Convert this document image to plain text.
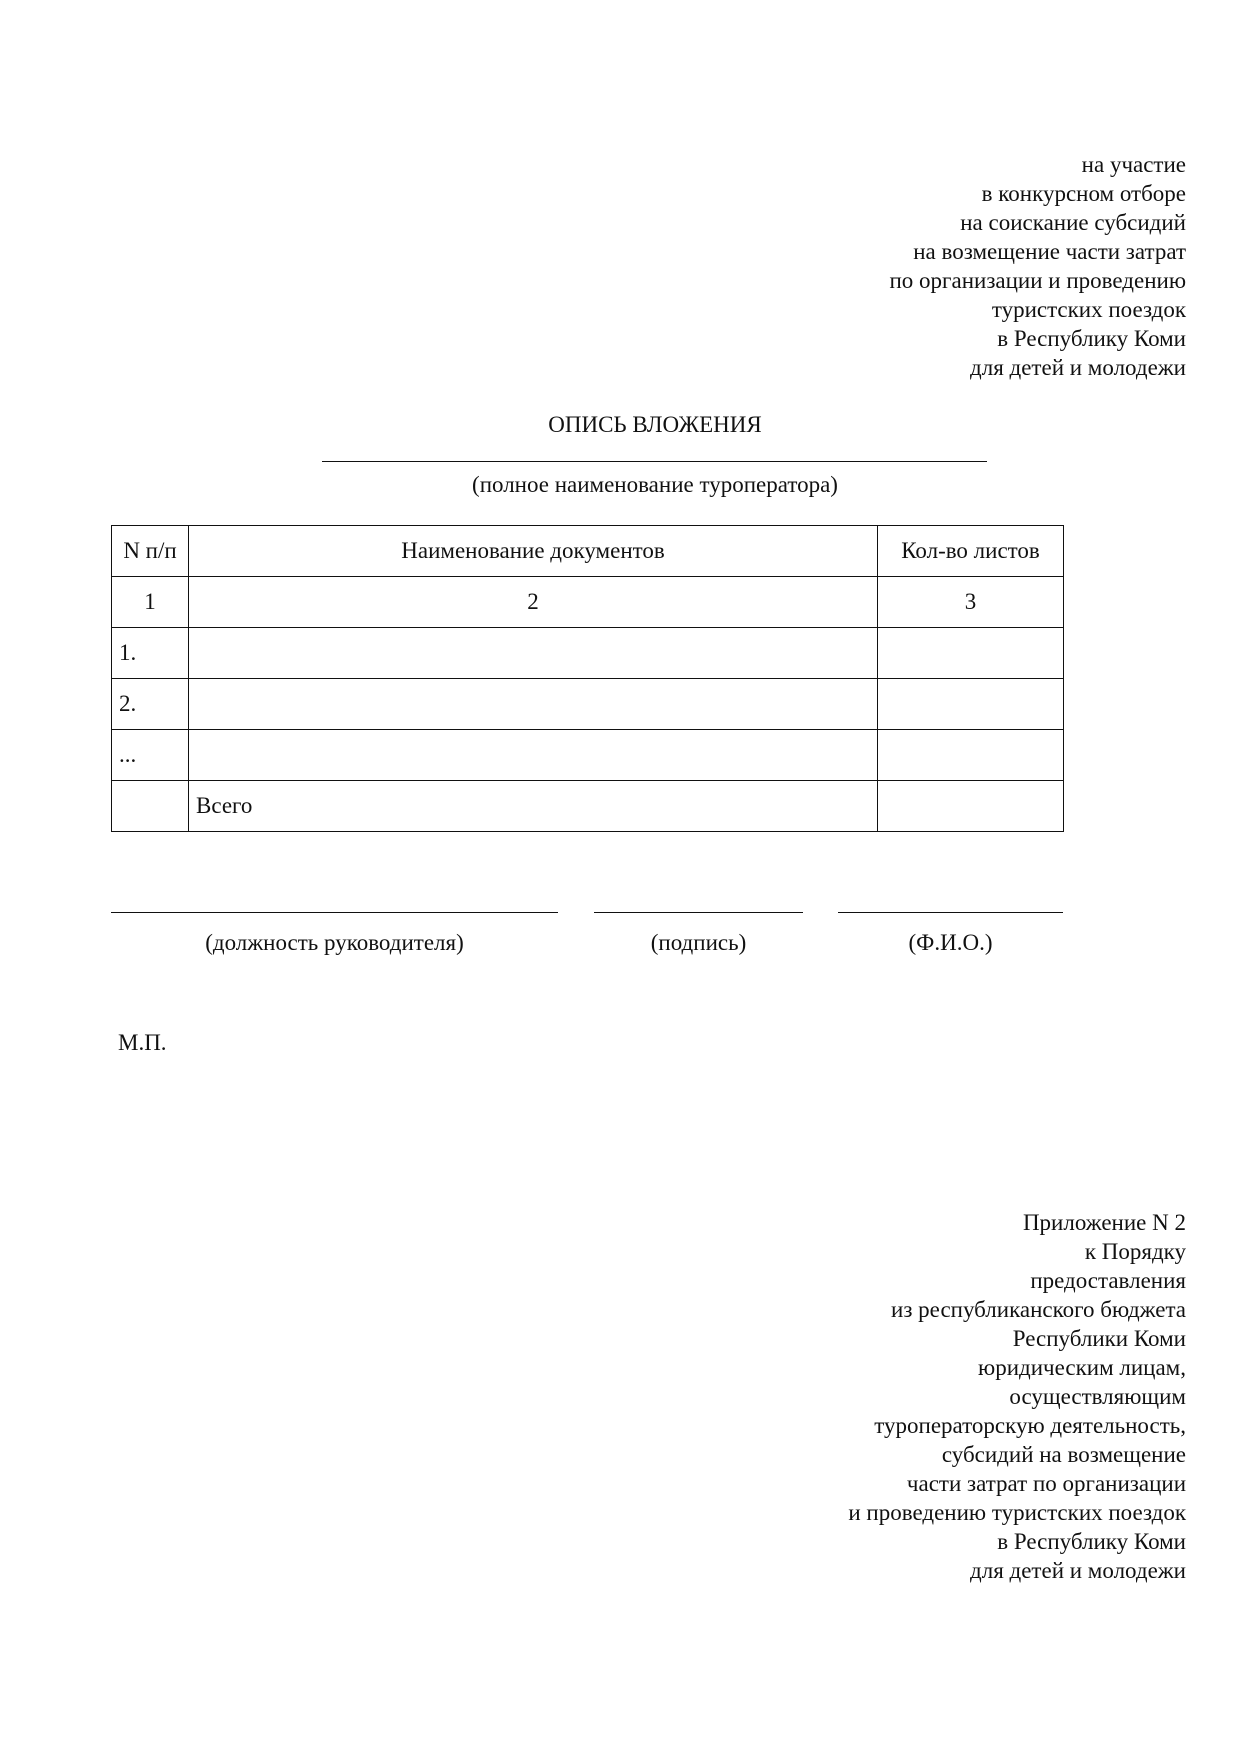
на участие
в конкурсном отборе
на соискание субсидий
на возмещение части затрат
по организации и проведению
туристских поездок
в Республику Коми
для детей и молодежи
ОПИСЬ ВЛОЖЕНИЯ
(полное наименование туроператора)
N п/п	Наименование документов	Кол-во листов
1	2	3
1.		
2.		
...		
	Всего	
(должность руководителя)	(подпись)	(Ф.И.О.)
М.П.
Приложение N 2
к Порядку
предоставления
из республиканского бюджета
Республики Коми
юридическим лицам,
осуществляющим
туроператорскую деятельность,
субсидий на возмещение
части затрат по организации
и проведению туристских поездок
в Республику Коми
для детей и молодежи
